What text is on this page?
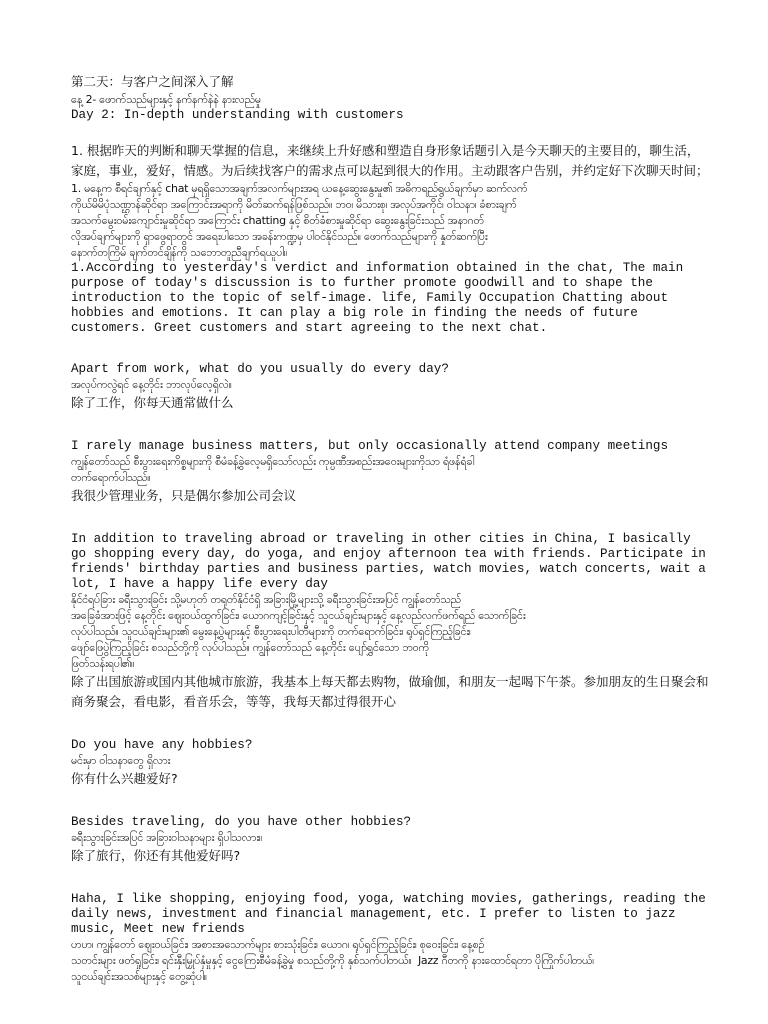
第二天：与客户之间深入了解
နေ့ 2- ဖောက်သည်များနှင့် နက်နက်နဲနဲ နားလည်မှု
Day 2: In-depth understanding with customers
1. 根据昨天的判断和聊天掌握的信息，来继续上升好感和塑造自身形象话题引入是今天聊天的主要目的，聊生活，家庭，事业，爱好，情感。为后续找客户的需求点可以起到很大的作用。主动跟客户告别，并约定好下次聊天时间；
1. မနေ့က စီရင်ချက်နှင့် chat မှရရှိသောအချက်အလက်များအရ ယနေ့ဆွေးနွေးမှု၏ အဓိကရည်ရွယ်ချက်မှာ ဆက်လက်
ကိုယ်မိမိပုံသဏ္ဌာန်ဆိုင်ရာ အကြောင်းအရာကို မိတ်ဆက်ရန်ဖြစ်သည်။ ဘဝ၊ မိသားစု၊ အလုပ်အကိုင်၊ ဝါသနာ၊ ခံစားချက်
အသက်မွေးဝမ်းကျောင်းမှုဆိုင်ရာ အကြောင်း chatting နှင့် စိတ်ခံစားမှုဆိုင်ရာ ဆွေးနွေးခြင်းသည် အနာဂတ်
လိုအပ်ချက်များကို ရှာဖွေရာတွင် အရေးပါသော အခန်းကဏ္ဍမှ ပါဝင်နိုင်သည်။ ဖောက်သည်များကို နှုတ်ဆက်ပြီး
နောက်တကြိမ် ချက်တင်ချိန်ကို သဘောတူညီချက်ရယူပါ။
1.According to yesterday's verdict and information obtained in the chat, The main purpose of today's discussion is to further promote goodwill and to shape the introduction to the topic of self-image. life, Family Occupation Chatting about hobbies and emotions. It can play a big role in finding the needs of future customers. Greet customers and start agreeing to the next chat.
Apart from work, what do you usually do every day?
အလုပ်ကလွဲရင် နေ့တိုင်း ဘာလုပ်လေ့ရှိလဲ။
除了工作，你每天通常做什么
I rarely manage business matters, but only occasionally attend company meetings
ကျွန်တော်သည် စီးပွားရေးကိစ္စများကို စီမံခန့်ခွဲလေ့မရှိသော်လည်း ကုမ္ပဏီအစည်းအဝေးများကိုသာ ရံဖန်ရံခါ
တက်ရောက်ပါသည်။
我很少管理业务，只是偶尔参加公司会议
In addition to traveling abroad or traveling in other cities in China, I basically go shopping every day, do yoga, and enjoy afternoon tea with friends. Participate in friends' birthday parties and business parties, watch movies, watch concerts, wait a lot, I have a happy life every day
နိုင်ငံရပ်ခြား ခရီးသွားခြင်း သို့မဟုတ် တရုတ်နိုင်ငံရှိ အခြားမြို့များသို့ ခရီးသွားခြင်းအပြင် ကျွန်တော်သည်
အခြေခံအားဖြင့် နေ့တိုင်း ဈေးဝယ်ထွက်ခြင်း၊ ယောဂကျင့်ခြင်းနှင့် သူငယ်ချင်းများနှင့် နေ့လည်လက်ဖက်ရည် သောက်ခြင်း
လုပ်ပါသည်။ သူငယ်ချင်းများ၏ မွေးနေ့ပွဲများနှင့် စီးပွားရေးပါတီများကို တက်ရောက်ခြင်း၊ ရုပ်ရှင်ကြည့်ခြင်း၊
ဖျော်ဖြေပွဲကြည့်ခြင်း စသည်တို့ကို လုပ်ပါသည်။ ကျွန်တော်သည် နေ့တိုင်း ပျော်ရွှင်သော ဘဝကို
ဖြတ်သန်းရပါ၏။
除了出国旅游或国内其他城市旅游，我基本上每天都去购物，做瑜伽，和朋友一起喝下午茶。参加朋友的生日聚会和商务聚会，看电影，看音乐会，等等，我每天都过得很开心
Do you have any hobbies?
မင်းမှာ ဝါသနာတွေ ရှိလား
你有什么兴趣爱好?
Besides traveling, do you have other hobbies?
ခရီးသွားခြင်းအပြင် အခြားဝါသနာများ ရှိပါသလား။
除了旅行，你还有其他爱好吗?
Haha, I like shopping, enjoying food, yoga, watching movies, gatherings, reading the daily news, investment and financial management, etc. I prefer to listen to jazz music, Meet new friends
ဟဟ၊ ကျွန်တော် ဈေးဝယ်ခြင်း၊ အစားအသောက်များ စားသုံးခြင်း၊ ယောဂ၊ ရုပ်ရှင်ကြည့်ခြင်း၊ စုဝေးခြင်း၊ နေ့စဉ်
သတင်းများ ဖတ်ရှုခြင်း၊ ရင်းနှီးမြှုပ်နှံမှုနှင့် ငွေကြေးစီမံခန့်ခွဲမှု စသည်တို့ကို နှစ်သက်ပါတယ်။  Jazz ဂီတကို နားထောင်ရတာ ပိုကြိုက်ပါတယ်၊
သူငယ်ချင်းအသစ်များနှင့် တွေ့ဆုံပါ။
